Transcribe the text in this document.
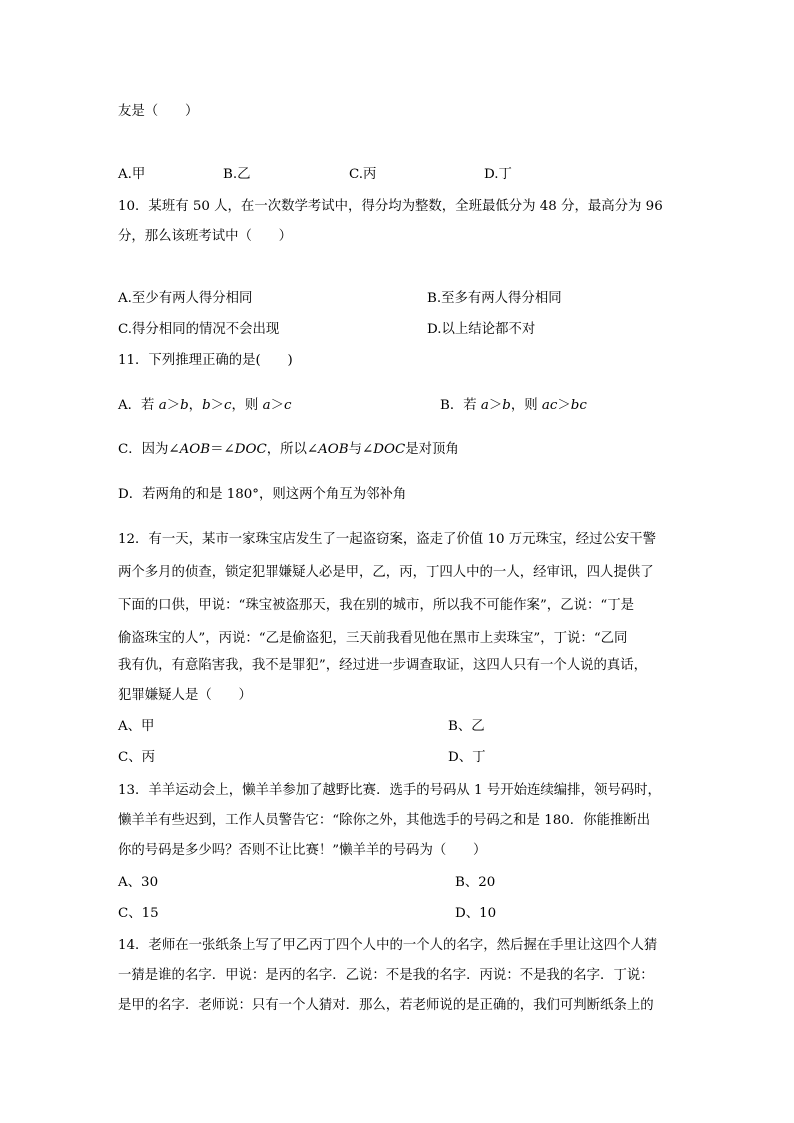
友是（　　）
A.甲	B.乙	C.丙	D.丁
10．某班有 50 人，在一次数学考试中，得分均为整数，全班最低分为 48 分，最高分为 96
分，那么该班考试中（　　）
A.至少有两人得分相同	B.至多有两人得分相同
C.得分相同的情况不会出现	D.以上结论都不对
11．下列推理正确的是(　　)
A．若 a＞b，b＞c，则 a＞c	B．若 a＞b，则 ac＞bc
C．因为∠AOB＝∠DOC，所以∠AOB与∠DOC是对顶角
D．若两角的和是 180°，则这两个角互为邻补角
12．有一天，某市一家珠宝店发生了一起盗窃案，盗走了价值 10 万元珠宝，经过公安干警
两个多月的侦查，锁定犯罪嫌疑人必是甲，乙，丙，丁四人中的一人，经审讯，四人提供了
下面的口供，甲说：“珠宝被盗那天，我在别的城市，所以我不可能作案”，乙说：“丁是
偷盗珠宝的人”，丙说：“乙是偷盗犯，三天前我看见他在黑市上卖珠宝”，丁说：“乙同
我有仇，有意陷害我，我不是罪犯”，经过进一步调查取证，这四人只有一个人说的真话，
犯罪嫌疑人是（　　）
A、甲	B、乙
C、丙	D、丁
13．羊羊运动会上，懒羊羊参加了越野比赛．选手的号码从 1 号开始连续编排，领号码时，
懒羊羊有些迟到，工作人员警告它：“除你之外，其他选手的号码之和是 180．你能推断出
你的号码是多少吗？否则不让比赛！”懒羊羊的号码为（　　）
A、30	B、20
C、15	D、10
14．老师在一张纸条上写了甲乙丙丁四个人中的一个人的名字，然后握在手里让这四个人猜
一猜是谁的名字．甲说：是丙的名字．乙说：不是我的名字．丙说：不是我的名字．丁说：
是甲的名字．老师说：只有一个人猜对．那么，若老师说的是正确的，我们可判断纸条上的
